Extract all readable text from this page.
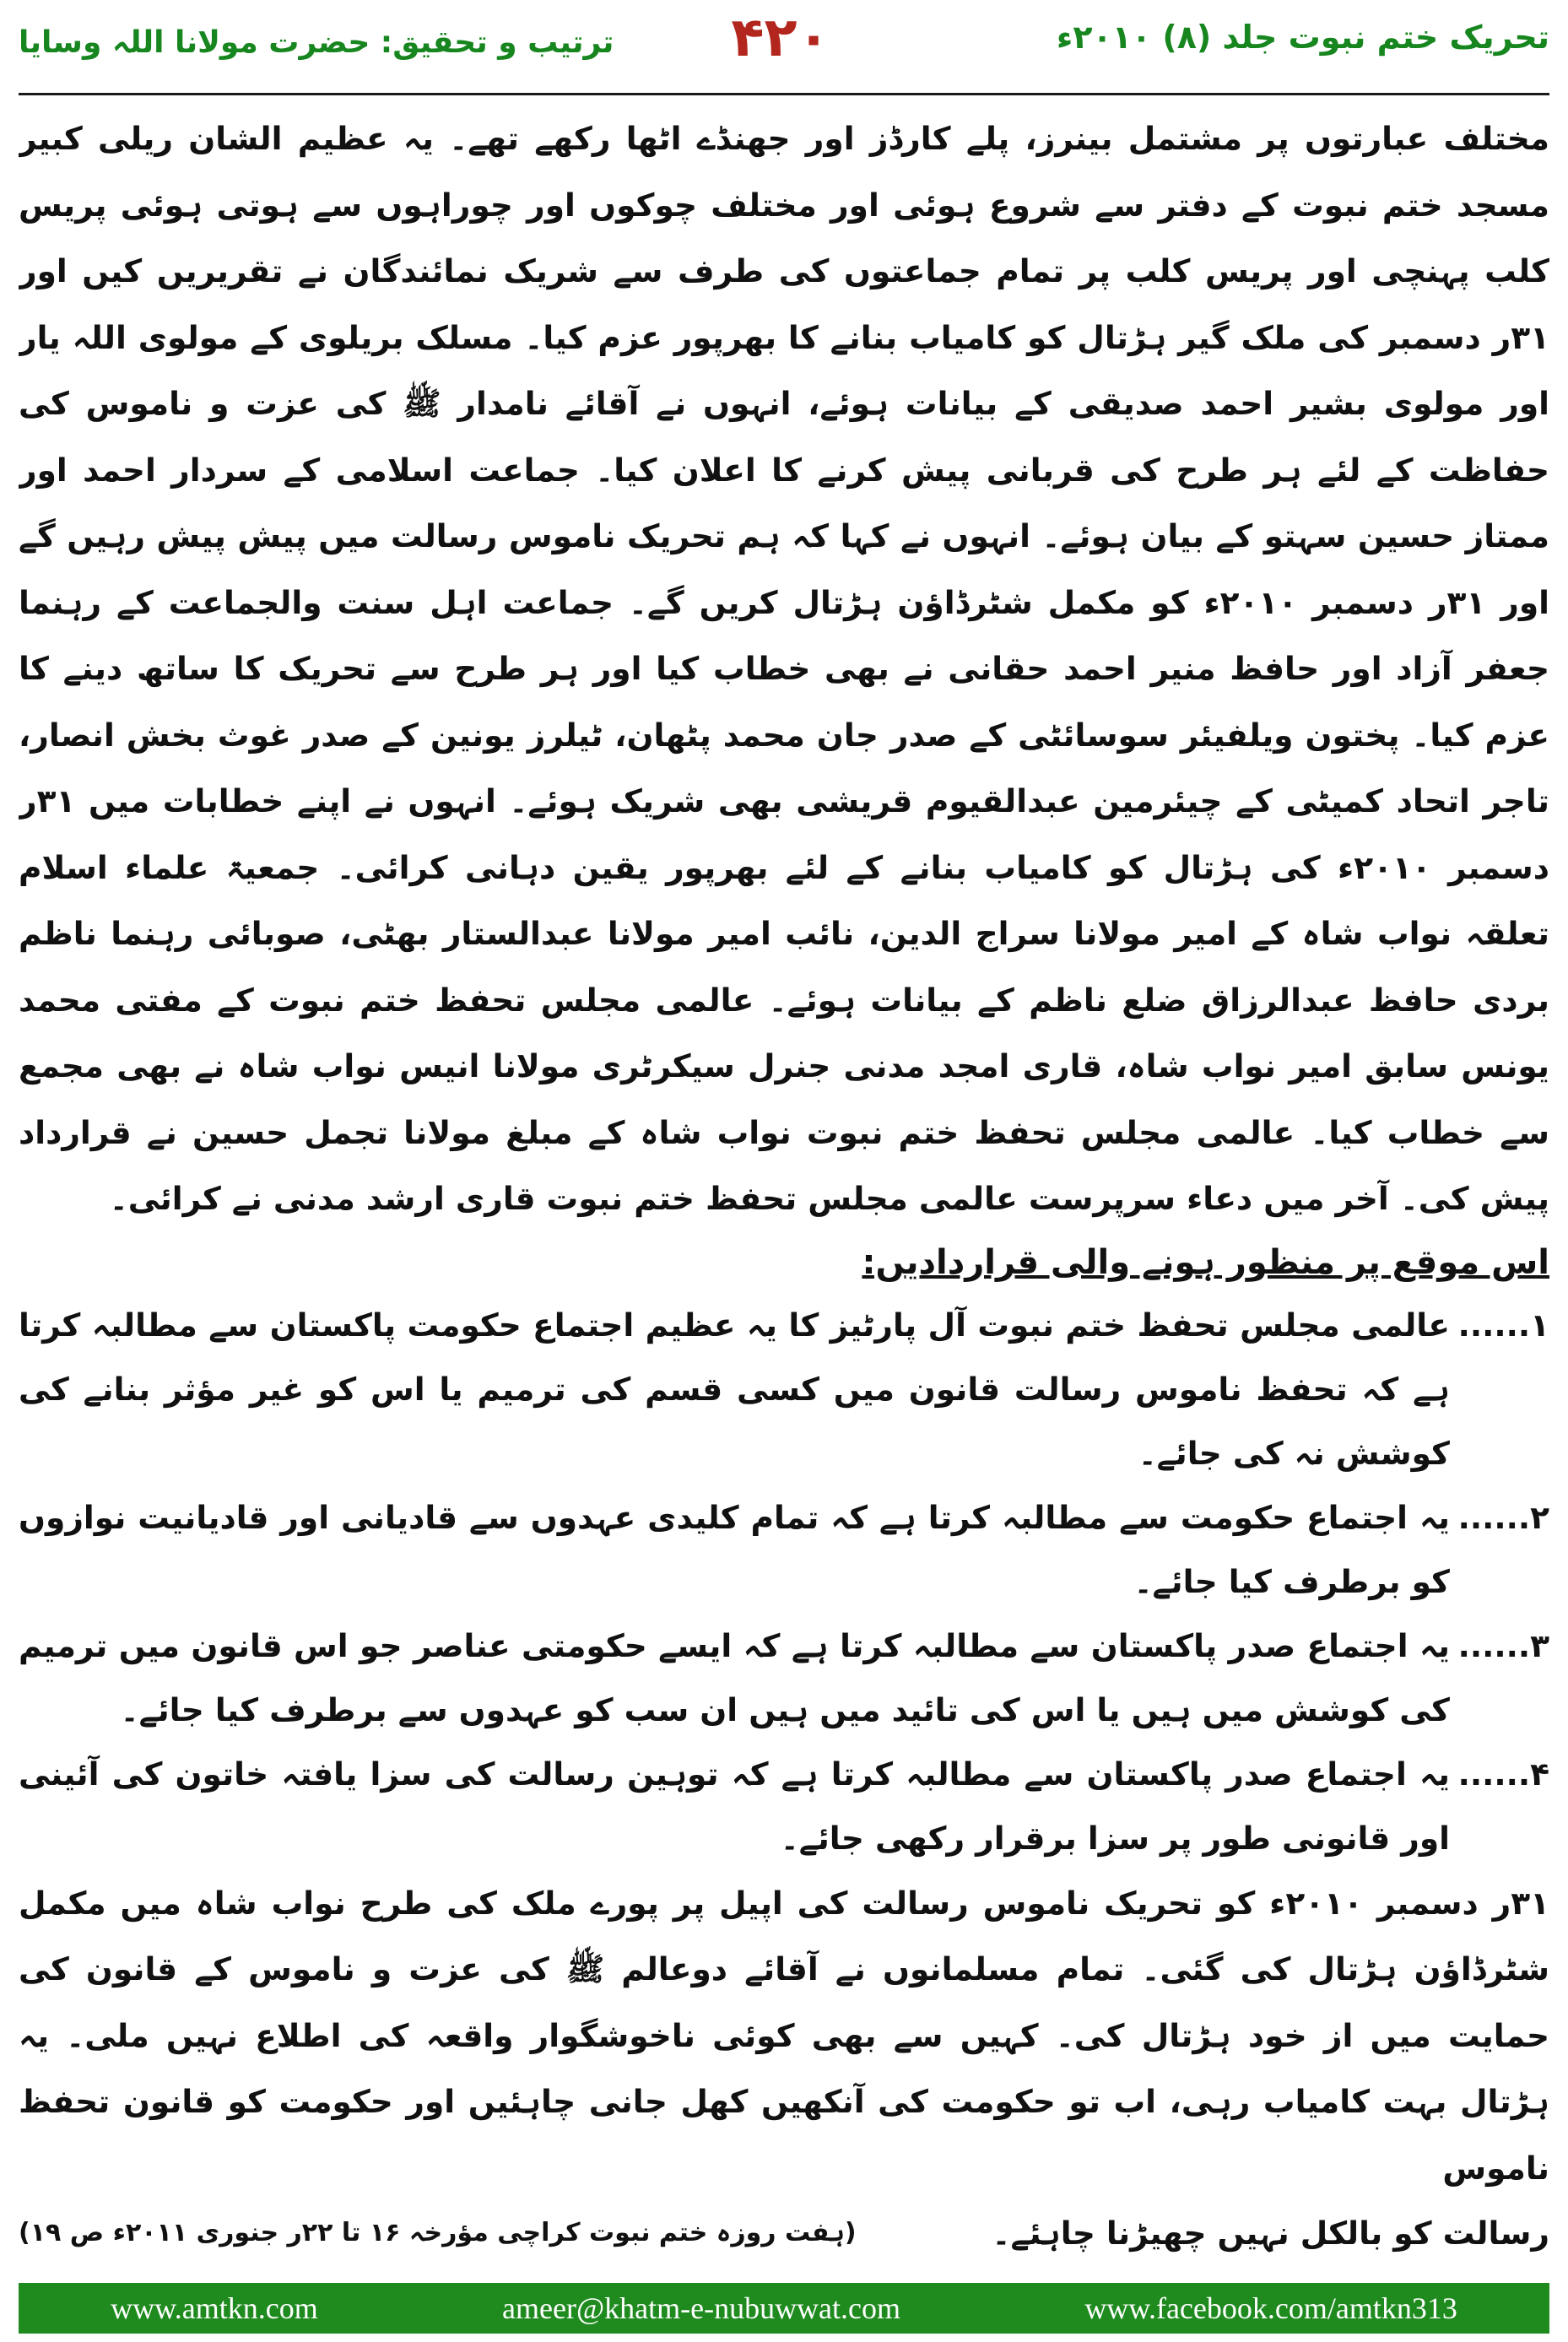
تحریک ختم نبوت جلد (۸) ۲۰۱۰ء
۴۲۰
ترتیب و تحقیق: حضرت مولانا اللہ وسایا

مختلف عبارتوں پر مشتمل بینرز، پلے کارڈز اور جھنڈے اٹھا رکھے تھے۔ یہ عظیم الشان ریلی کبیر مسجد ختم نبوت کے دفتر سے شروع ہوئی اور مختلف چوکوں اور چوراہوں سے ہوتی ہوئی پریس کلب پہنچی اور پریس کلب پر تمام جماعتوں کی طرف سے شریک نمائندگان نے تقریریں کیں اور ۳۱ر دسمبر کی ملک گیر ہڑتال کو کامیاب بنانے کا بھرپور عزم کیا۔ مسلک بریلوی کے مولوی اللہ یار اور مولوی بشیر احمد صدیقی کے بیانات ہوئے، انہوں نے آقائے نامدار ﷺ کی عزت و ناموس کی حفاظت کے لئے ہر طرح کی قربانی پیش کرنے کا اعلان کیا۔ جماعت اسلامی کے سردار احمد اور ممتاز حسین سہتو کے بیان ہوئے۔ انہوں نے کہا کہ ہم تحریک ناموس رسالت میں پیش پیش رہیں گے اور ۳۱ر دسمبر ۲۰۱۰ء کو مکمل شٹرڈاؤن ہڑتال کریں گے۔ جماعت اہل سنت والجماعت کے رہنما جعفر آزاد اور حافظ منیر احمد حقانی نے بھی خطاب کیا اور ہر طرح سے تحریک کا ساتھ دینے کا عزم کیا۔ پختون ویلفیئر سوسائٹی کے صدر جان محمد پٹھان، ٹیلرز یونین کے صدر غوث بخش انصار، تاجر اتحاد کمیٹی کے چیئرمین عبدالقیوم قریشی بھی شریک ہوئے۔ انہوں نے اپنے خطابات میں ۳۱ر دسمبر ۲۰۱۰ء کی ہڑتال کو کامیاب بنانے کے لئے بھرپور یقین دہانی کرائی۔ جمعیۃ علماء اسلام تعلقہ نواب شاہ کے امیر مولانا سراج الدین، نائب امیر مولانا عبدالستار بھٹی، صوبائی رہنما ناظم بردی حافظ عبدالرزاق ضلع ناظم کے بیانات ہوئے۔ عالمی مجلس تحفظ ختم نبوت کے مفتی محمد یونس سابق امیر نواب شاہ، قاری امجد مدنی جنرل سیکرٹری مولانا انیس نواب شاہ نے بھی مجمع سے خطاب کیا۔ عالمی مجلس تحفظ ختم نبوت نواب شاہ کے مبلغ مولانا تجمل حسین نے قرارداد پیش کی۔ آخر میں دعاء سرپرست عالمی مجلس تحفظ ختم نبوت قاری ارشد مدنی نے کرائی۔

اس موقع پر منظور ہونے والی قراردادیں:

۱......
عالمی مجلس تحفظ ختم نبوت آل پارٹیز کا یہ عظیم اجتماع حکومت پاکستان سے مطالبہ کرتا ہے کہ تحفظ ناموس رسالت قانون میں کسی قسم کی ترمیم یا اس کو غیر مؤثر بنانے کی کوشش نہ کی جائے۔
۲......
یہ اجتماع حکومت سے مطالبہ کرتا ہے کہ تمام کلیدی عہدوں سے قادیانی اور قادیانیت نوازوں کو برطرف کیا جائے۔
۳......
یہ اجتماع صدر پاکستان سے مطالبہ کرتا ہے کہ ایسے حکومتی عناصر جو اس قانون میں ترمیم کی کوشش میں ہیں یا اس کی تائید میں ہیں ان سب کو عہدوں سے برطرف کیا جائے۔
۴......
یہ اجتماع صدر پاکستان سے مطالبہ کرتا ہے کہ توہین رسالت کی سزا یافتہ خاتون کی آئینی اور قانونی طور پر سزا برقرار رکھی جائے۔

۳۱ر دسمبر ۲۰۱۰ء کو تحریک ناموس رسالت کی اپیل پر پورے ملک کی طرح نواب شاہ میں مکمل شٹرڈاؤن ہڑتال کی گئی۔ تمام مسلمانوں نے آقائے دوعالم ﷺ کی عزت و ناموس کے قانون کی حمایت میں از خود ہڑتال کی۔ کہیں سے بھی کوئی ناخوشگوار واقعہ کی اطلاع نہیں ملی۔ یہ ہڑتال بہت کامیاب رہی، اب تو حکومت کی آنکھیں کھل جانی چاہئیں اور حکومت کو قانون تحفظ ناموس

رسالت کو بالکل نہیں چھیڑنا چاہئے۔
(ہفت روزہ ختم نبوت کراچی مؤرخہ ۱۶ تا ۲۲ر جنوری ۲۰۱۱ء ص ۱۹)

www.amtkn.com	ameer@khatm-e-nubuwwat.com	www.facebook.com/amtkn313
